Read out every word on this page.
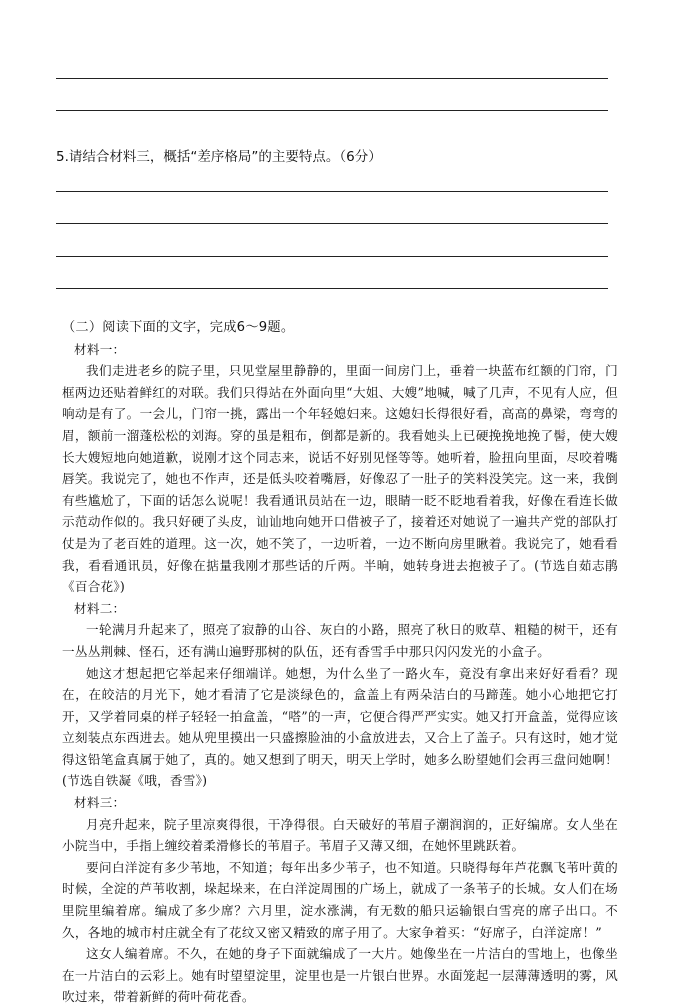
5.请结合材料三，概括“差序格局”的主要特点。（6分）

（二）阅读下面的文字，完成6～9题。

材料一：

我们走进老乡的院子里，只见堂屋里静静的，里面一间房门上，垂着一块蓝布红额的门帘，门框两边还贴着鲜红的对联。我们只得站在外面向里“大姐、大嫂”地喊，喊了几声，不见有人应，但响动是有了。一会儿，门帘一挑，露出一个年轻媳妇来。这媳妇长得很好看，高高的鼻梁，弯弯的眉，额前一溜蓬松松的刘海。穿的虽是粗布，倒都是新的。我看她头上已硬挽挽地挽了髻，使大嫂长大嫂短地向她道歉，说刚才这个同志来，说话不好别见怪等等。她听着，脸扭向里面，尽咬着嘴唇笑。我说完了，她也不作声，还是低头咬着嘴唇，好像忍了一肚子的笑料没笑完。这一来，我倒有些尴尬了，下面的话怎么说呢！我看通讯员站在一边，眼睛一眨不眨地看着我，好像在看连长做示范动作似的。我只好硬了头皮，讪讪地向她开口借被子了，接着还对她说了一遍共产党的部队打仗是为了老百姓的道理。这一次，她不笑了，一边听着，一边不断向房里瞅着。我说完了，她看看我，看看通讯员，好像在掂量我刚才那些话的斤两。半晌，她转身进去抱被子了。(节选自茹志鹃《百合花》)

材料二：

一轮满月升起来了，照亮了寂静的山谷、灰白的小路，照亮了秋日的败草、粗糙的树干，还有一丛丛荆棘、怪石，还有满山遍野那树的队伍，还有香雪手中那只闪闪发光的小盒子。

她这才想起把它举起来仔细端详。她想，为什么坐了一路火车，竟没有拿出来好好看看？现在，在皎洁的月光下，她才看清了它是淡绿色的，盒盖上有两朵洁白的马蹄莲。她小心地把它打开，又学着同桌的样子轻轻一拍盒盖，“嗒”的一声，它便合得严严实实。她又打开盒盖，觉得应该立刻装点东西进去。她从兜里摸出一只盛擦脸油的小盒放进去，又合上了盖子。只有这时，她才觉得这铅笔盒真属于她了，真的。她又想到了明天，明天上学时，她多么盼望她们会再三盘问她啊！(节选自铁凝《哦，香雪》)

材料三：

月亮升起来，院子里凉爽得很，干净得很。白天破好的苇眉子潮润润的，正好编席。女人坐在小院当中，手指上缠绞着柔滑修长的苇眉子。苇眉子又薄又细，在她怀里跳跃着。

要问白洋淀有多少苇地，不知道；每年出多少苇子，也不知道。只晓得每年芦花飘飞苇叶黄的时候，全淀的芦苇收割，垛起垛来，在白洋淀周围的广场上，就成了一条苇子的长城。女人们在场里院里编着席。编成了多少席？六月里，淀水涨满，有无数的船只运输银白雪亮的席子出口。不久，各地的城市村庄就全有了花纹又密又精致的席子用了。大家争着买：“好席子，白洋淀席！”

这女人编着席。不久，在她的身子下面就编成了一大片。她像坐在一片洁白的雪地上，也像坐在一片洁白的云彩上。她有时望望淀里，淀里也是一片银白世界。水面笼起一层薄薄透明的雾，风吹过来，带着新鲜的荷叶荷花香。
